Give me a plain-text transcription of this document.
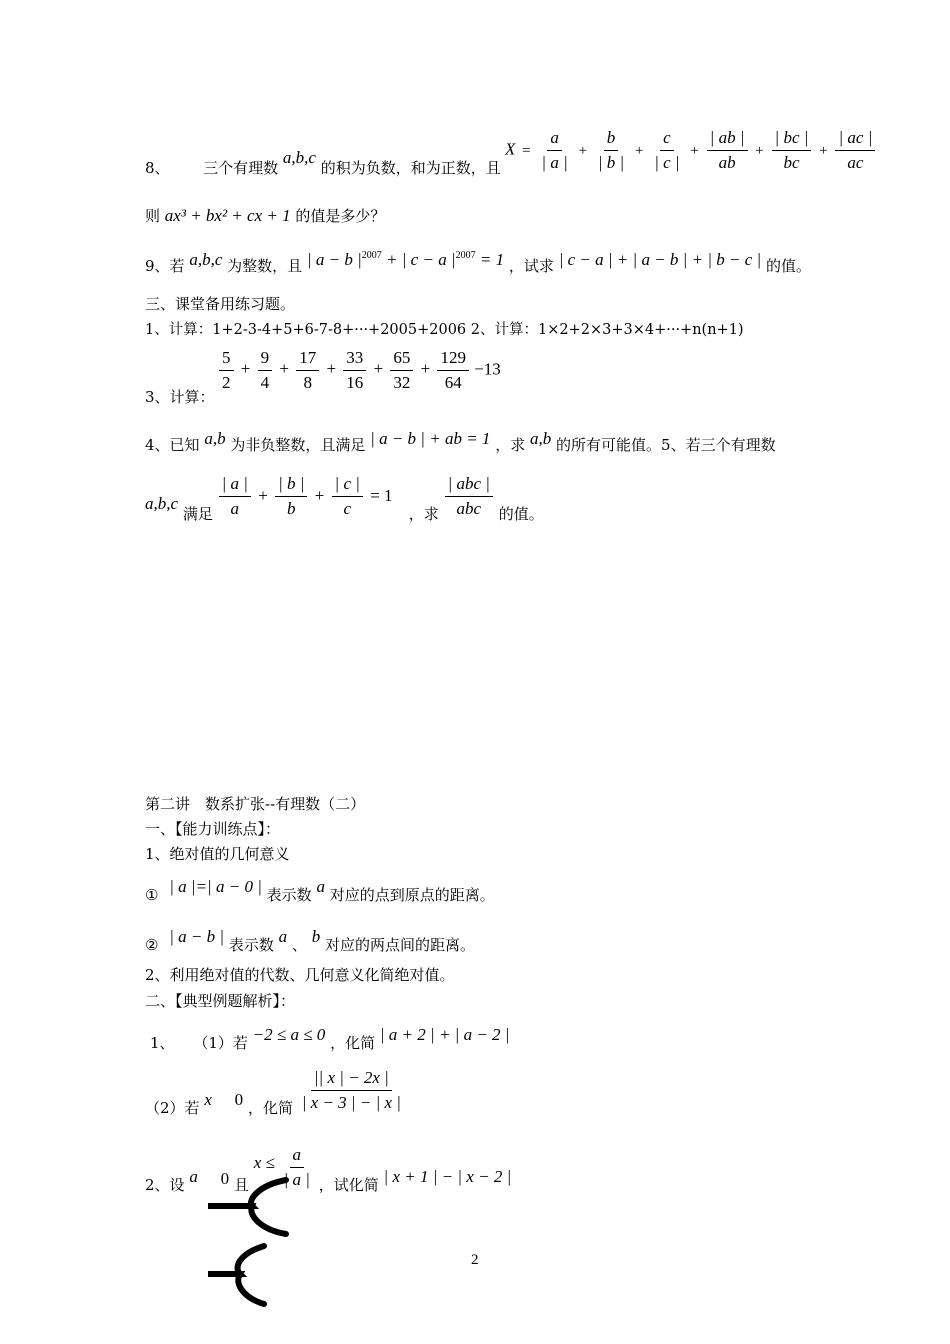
$X = \frac{a}{| a |} + \frac{b}{| b |} + \frac{c}{| c |} + \frac{| ab |}{ab} + \frac{| bc |}{bc} + \frac{| ac |}{ac}$
8、 三个有理数 a,b,c 的积为负数，和为正数，且
则 ax³ + bx² + cx + 1 的值是多少？
9、若 a,b,c 为整数，且 | a − b $|^{2007}$ + | c − a $|^{2007} = 1$ ，试求 | c − a | + | a − b | + | b − c | 的值。
三、课堂备用练习题。
1、计算：1+2-3-4+5+6-7-8+···+2005+2006 2、计算：1×2+2×3+3×4+···+n(n+1)
3、计算：
$\frac{5}{2} + \frac{9}{4} + \frac{17}{8} + \frac{33}{16} + \frac{65}{32} + \frac{129}{64} -13$
4、已知 a,b 为非负整数，且满足 | a − b | + ab = 1 ，求 a,b 的所有可能值。5、若三个有理数
a,b,c 满足 $\frac{| a |}{a} + \frac{| b |}{b} + \frac{| c |}{c} = 1$ ，求 $\frac{\text{| abc |}}{\text{abc}}$ 的值。
第二讲　数系扩张--有理数（二）
一、【能力训练点】：
1、绝对值的几何意义
① | a |=| a − 0 | 表示数 a 对应的点到原点的距离。
② | a − b | 表示数 a 、 b 对应的两点间的距离。
2、利用绝对值的代数、几何意义化简绝对值。
二、【典型例题解析】：
1、 （1）若 −2 ≤ a ≤ 0 ，化简 | a + 2 | + | a − 2 |
（2）若 x 0 ，化简 $\frac{|| x | - 2x |}{| x - 3 | - | x |}$
2、设 a 0 且 $x \le \frac{a}{| a |}$ ，试化简 | x + 1 | − | x − 2 |
2
